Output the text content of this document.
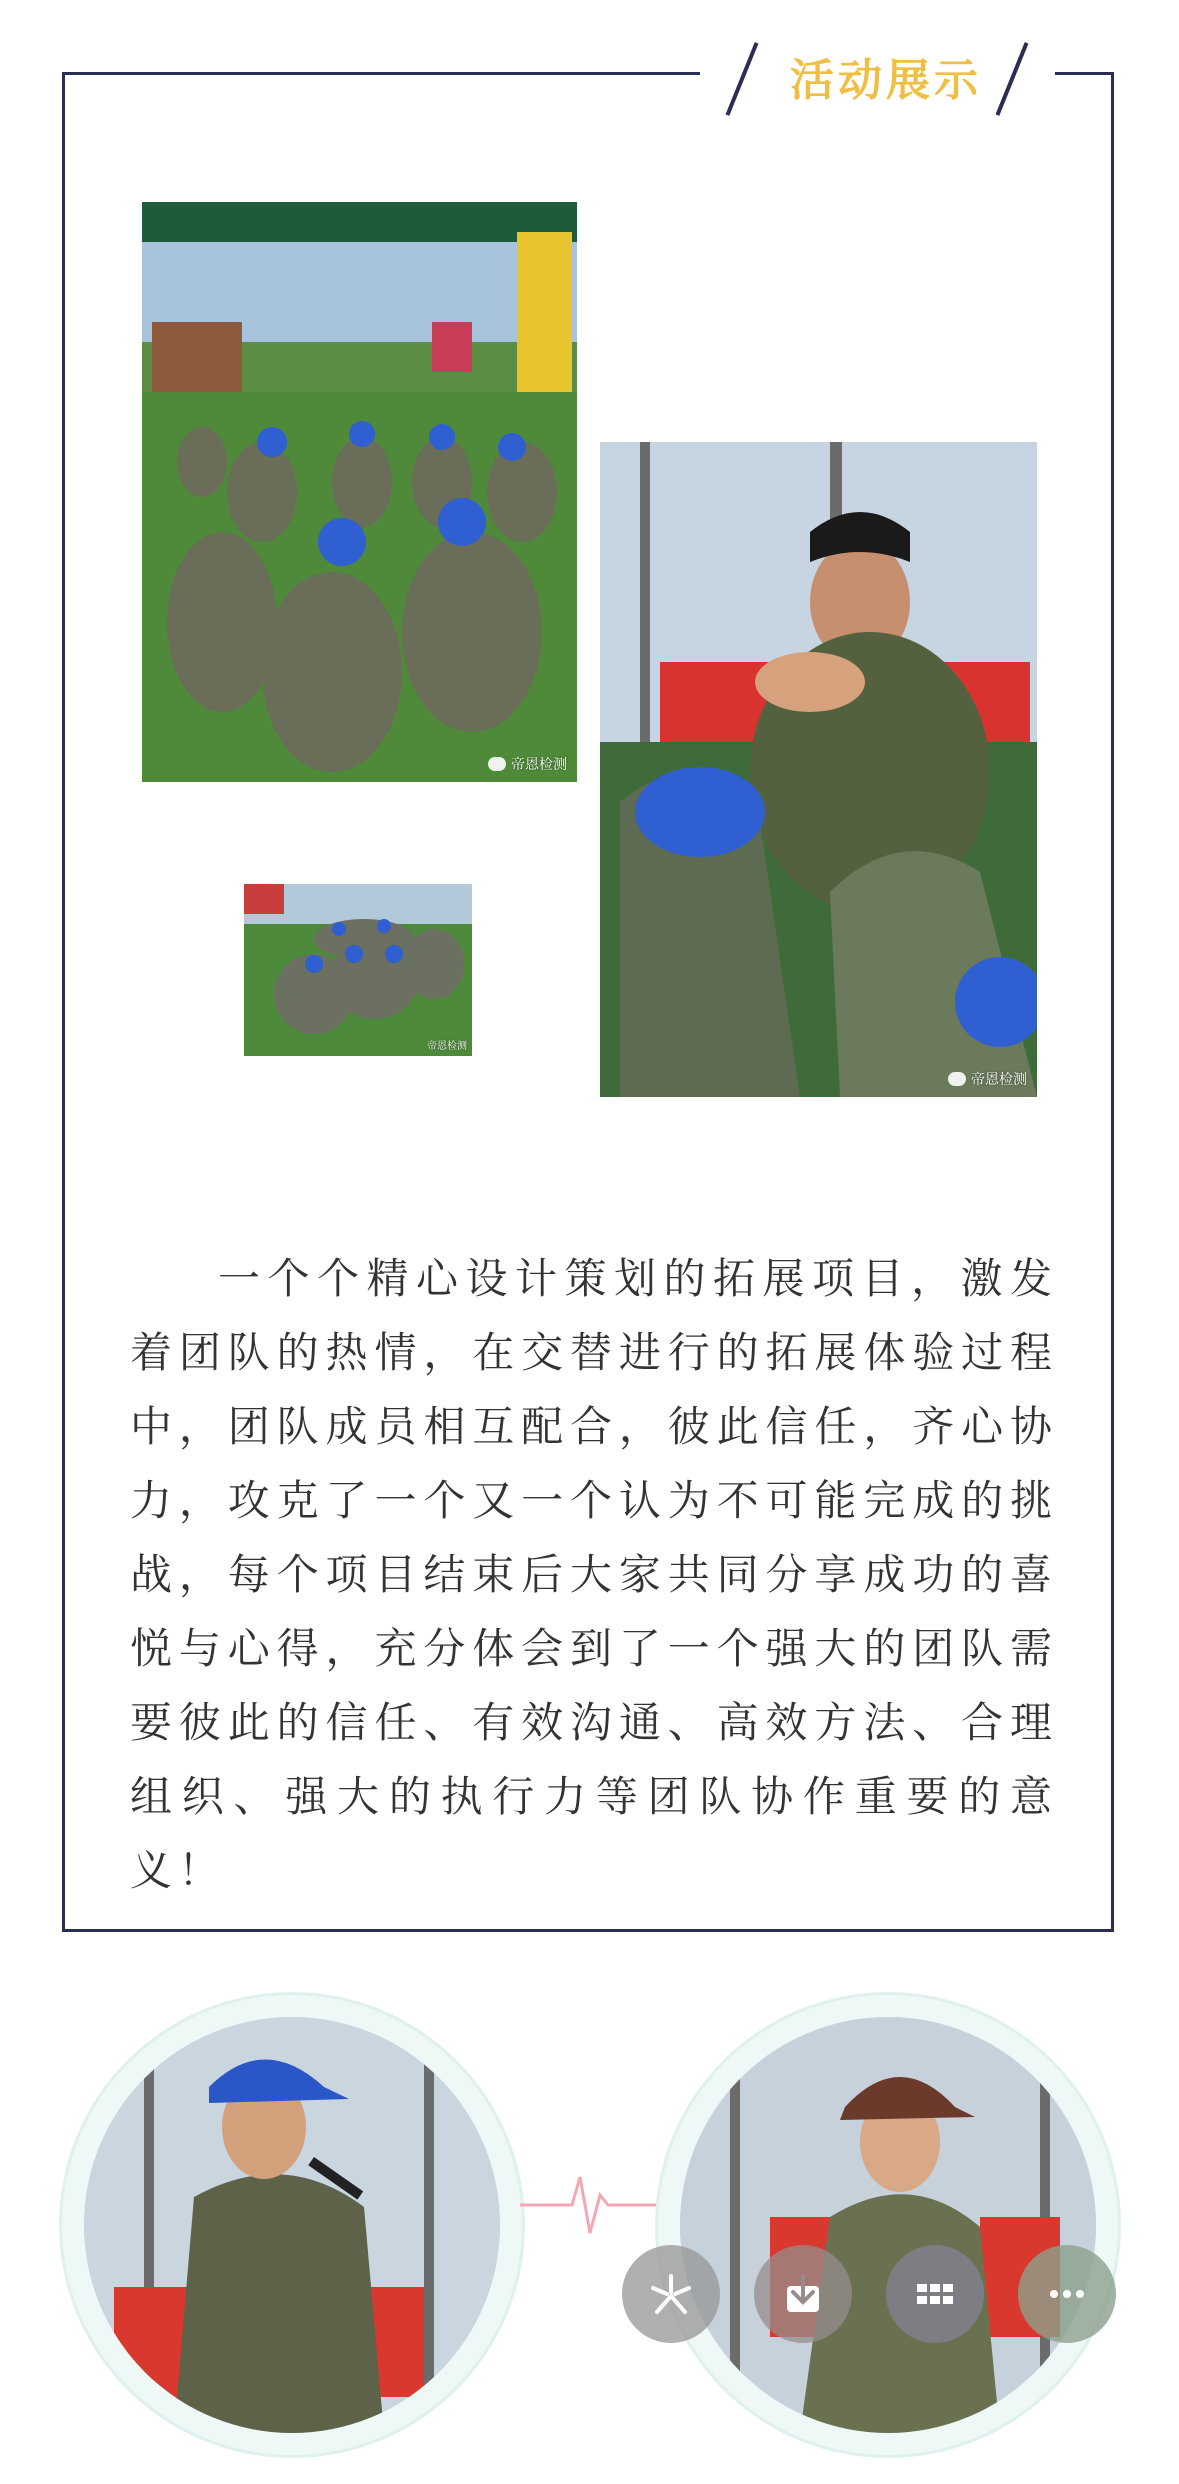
活动展示
帝恩检测
帝恩检测
帝恩检测

一个个精心设计策划的拓展项目，激发着团队的热情，在交替进行的拓展体验过程中，团队成员相互配合，彼此信任，齐心协力，攻克了一个又一个认为不可能完成的挑战，每个项目结束后大家共同分享成功的喜悦与心得，充分体会到了一个强大的团队需要彼此的信任、有效沟通、高效方法、合理组织、强大的执行力等团队协作重要的意义！
